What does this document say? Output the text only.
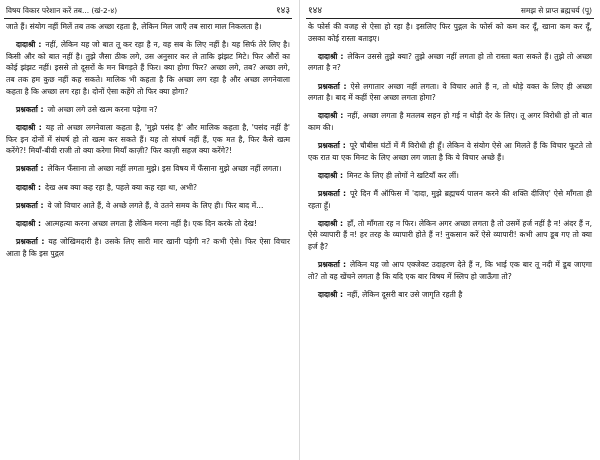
विषय विकार परेशान करें तब... (खं-2-४)	१४३

जाते हैं। संयोग नहीं मिलें तब तक अच्छा रहता है, लेकिन मिल जाएँ तब सारा माल निकलता है।

दादाश्री : नहीं, लेकिन यह जो बात तू कर रहा है न, वह सब के लिए नहीं है। यह सिर्फ तेरे लिए है। किसी और को बात नहीं है। तुझे जैसा ठीक लगे, उस अनुसार कर ले ताकि झंझट मिटे। फिर औरों का कोई झंझट नहीं। इससे तो दूसरों के मन बिगड़ते हैं फिर। क्या होगा फिर? अच्छा लगे, तब? अच्छा लगे, तब तक हम कुछ नहीं कह सकते। मालिक भी कहता है कि अच्छा लग रहा है और अच्छा लगनेवाला कहता है कि अच्छा लग रहा है। दोनों ऐसा कहेंगे तो फिर क्या होगा?

प्रश्नकर्ता : जो अच्छा लगे उसे खत्म करना पड़ेगा न?

दादाश्री : यह तो अच्छा लगनेवाला कहता है, 'मुझे पसंद है' और मालिक कहता है, 'पसंद नहीं है' फिर इन दोनों में संघर्ष हो तो खत्म कर सकते हैं। यह तो संघर्ष नहीं हैं, एक मत है, फिर कैसे खत्म करेंगे?! मियाँ-बीवी राजी तो क्या करेगा मियाँ काज़ी? फिर काज़ी सहज क्या करेंगे?!

प्रश्नकर्ता : लेकिन फँसाना तो अच्छा नहीं लगता मुझे। इस विषय में फँसाना मुझे अच्छा नहीं लगता।

दादाश्री : देख अब क्या कह रहा है, पहले क्या कह रहा था, अभी?

प्रश्नकर्ता : वे जो विचार आते हैं, वे अच्छे लगते हैं, वे उतने समय के लिए ही। फिर बाद में...

दादाश्री : आत्महत्या करना अच्छा लगता है लेकिन मरना नहीं है। एक दिन करके तो देख!

प्रश्नकर्ता : यह जोखिमदारी है। उसके लिए सारी मार खानी पड़ेगी न? कभी ऐसे। फिर ऐसा विचार आता है कि इस पुद्गल

१४४	समझ से प्राप्त ब्रह्मचर्य (पू)

के फोर्स की वजह से ऐसा हो रहा है। इसलिए फिर पुद्गल के फोर्स को कम कर दूँ, खाना कम कर दूँ, उसका कोई रास्ता बताइए।

दादाश्री : लेकिन उससे तुझे क्या? तुझे अच्छा नहीं लगता हो तो रास्ता बता सकते हैं। तुझे तो अच्छा लगता है न?

प्रश्नकर्ता : ऐसे लगातार अच्छा नहीं लगता। वे विचार आते हैं न, तो थोड़े वक्त के लिए ही अच्छा लगता है। बाद में कहीं ऐसा अच्छा लगता होगा?

दादाश्री : नहीं, अच्छा लगता है मतलब सहन हो गई न थोड़ी देर के लिए। तू अगर विरोधी हो तो बात काम की।

प्रश्नकर्ता : पूरे चौबीस घंटों में मैं विरोधी ही हूँ। लेकिन वे संयोग ऐसे आ मिलते हैं कि विचार फूटते तो एक रात या एक मिनट के लिए अच्छा लग जाता है कि ये विचार अच्छे हैं।

दादाश्री : मिनट के लिए ही लोगों ने खटियाँ कर लीं।

प्रश्नकर्ता : पूरे दिन मैं ऑफिस में 'दादा, मुझे ब्रह्मचर्य पालन करने की शक्ति दीजिए' ऐसे माँगता ही रहता हूँ।

दादाश्री : हाँ, तो माँगता रह न फिर। लेकिन अगर अच्छा लगता है तो उसमें हर्ज नहीं है न! अंदर हैं न, ऐसे व्यापारी हैं न! हर तरह के व्यापारी होते हैं न! नुकसान करें ऐसे व्यापारी! कभी आप डूब गए तो क्या हर्ज है?

प्रश्नकर्ता : लेकिन यह जो आप एक्जेक्ट उदाहरण देते हैं न, कि भाई एक बार तू नदी में डूब जाएगा तो? तो वह खेंचने लगता है कि यदि एक बार विषय में स्लिप हो जाऊँगा तो?

दादाश्री : नहीं, लेकिन दूसरी बार उसे जागृति रहती है
